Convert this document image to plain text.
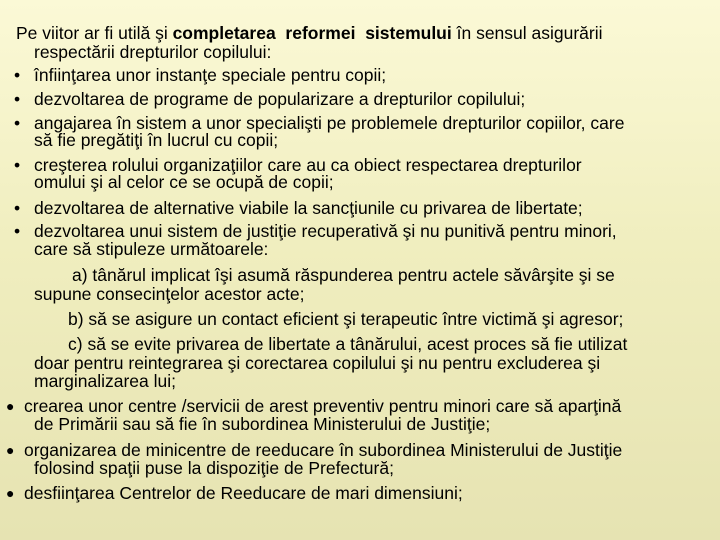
Pe viitor ar fi utilă şi completarea reformei sistemului în sensul asigurării
respectării drepturilor copilului:
• înfiinţarea unor instanţe speciale pentru copii;
• dezvoltarea de programe de popularizare a drepturilor copilului;
• angajarea în sistem a unor specialişti pe problemele drepturilor copiilor, care
să fie pregătiţi în lucrul cu copii;
• creşterea rolului organizaţiilor care au ca obiect respectarea drepturilor
omului şi al celor ce se ocupă de copii;
• dezvoltarea de alternative viabile la sancţiunile cu privarea de libertate;
• dezvoltarea unui sistem de justiţie recuperativă şi nu punitivă pentru minori,
care să stipuleze următoarele:
a) tânărul implicat îşi asumă răspunderea pentru actele săvârşite şi se
supune consecinţelor acestor acte;
b) să se asigure un contact eficient şi terapeutic între victimă şi agresor;
c) să se evite privarea de libertate a tânărului, acest proces să fie utilizat
doar pentru reintegrarea şi corectarea copilului şi nu pentru excluderea şi
marginalizarea lui;
● crearea unor centre /servicii de arest preventiv pentru minori care să aparţină
de Primării sau să fie în subordinea Ministerului de Justiţie;
● organizarea de minicentre de reeducare în subordinea Ministerului de Justiţie
folosind spaţii puse la dispoziţie de Prefectură;
● desfiinţarea Centrelor de Reeducare de mari dimensiuni;
